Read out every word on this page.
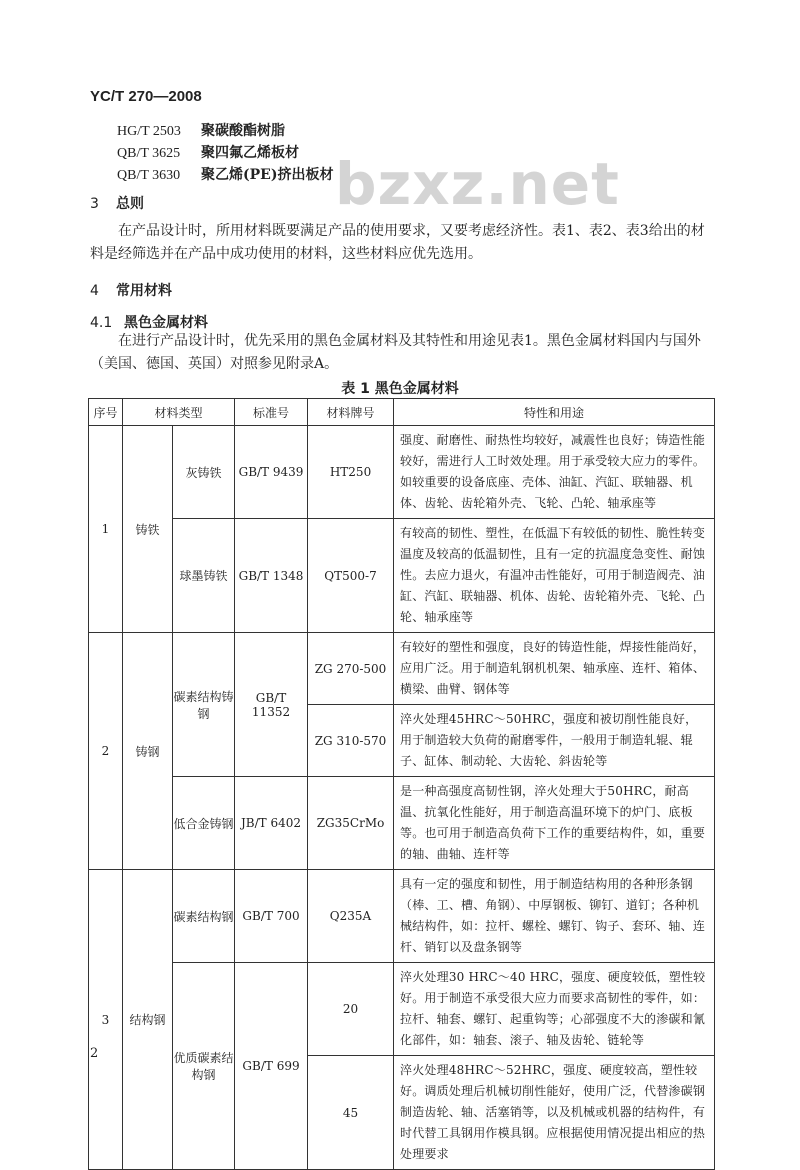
YC/T 270—2008
HG/T 2503 聚碳酸酯树脂
QB/T 3625 聚四氟乙烯板材
QB/T 3630 聚乙烯(PE)挤出板材 bzxz.net
3 总则
在产品设计时，所用材料既要满足产品的使用要求，又要考虑经济性。表1、表2、表3给出的材料是经筛选并在产品中成功使用的材料，这些材料应优先选用。
4 常用材料
4.1 黑色金属材料
在进行产品设计时，优先采用的黑色金属材料及其特性和用途见表1。黑色金属材料国内与国外（美国、德国、英国）对照参见附录A。
表 1 黑色金属材料
序号	材料类型		标准号	材料牌号	特性和用途
1	铸铁	灰铸铁	GB/T 9439	HT250	强度、耐磨性、耐热性均较好，减震性也良好；铸造性能较好，需进行人工时效处理。用于承受较大应力的零件。如较重要的设备底座、壳体、油缸、汽缸、联轴器、机体、齿轮、齿轮箱外壳、飞轮、凸轮、轴承座等
		球墨铸铁	GB/T 1348	QT500-7	有较高的韧性、塑性，在低温下有较低的韧性、脆性转变温度及较高的低温韧性，且有一定的抗温度急变性、耐蚀性。去应力退火，有温冲击性能好，可用于制造阀壳、油缸、汽缸、联轴器、机体、齿轮、齿轮箱外壳、飞轮、凸轮、轴承座等
2	铸钢	碳素结构铸钢	GB/T 11352	ZG 270-500	有较好的塑性和强度，良好的铸造性能，焊接性能尚好，应用广泛。用于制造轧钢机机架、轴承座、连杆、箱体、横梁、曲臂、钢体等
				ZG 310-570	淬火处理45HRC～50HRC，强度和被切削性能良好，用于制造较大负荷的耐磨零件，一般用于制造轧辊、辊子、缸体、制动轮、大齿轮、斜齿轮等
		低合金铸钢	JB/T 6402	ZG35CrMo	是一种高强度高韧性钢，淬火处理大于50HRC，耐高温、抗氧化性能好，用于制造高温环境下的炉门、底板等。也可用于制造高负荷下工作的重要结构件，如，重要的轴、曲轴、连杆等
3	结构钢	碳素结构钢	GB/T 700	Q235A	具有一定的强度和韧性，用于制造结构用的各种形条钢（棒、工、槽、角钢）、中厚钢板、铆钉、道钉；各种机械结构件，如：拉杆、螺栓、螺钉、钩子、套环、轴、连杆、销钉以及盘条钢等
		优质碳素结构钢	GB/T 699	20	淬火处理30 HRC～40 HRC，强度、硬度较低，塑性较好。用于制造不承受很大应力而要求高韧性的零件，如：拉杆、轴套、螺钉、起重钩等；心部强度不大的渗碳和氰化部件，如：轴套、滚子、轴及齿轮、链轮等
				45	淬火处理48HRC～52HRC，强度、硬度较高，塑性较好。调质处理后机械切削性能好，使用广泛，代替渗碳钢制造齿轮、轴、活塞销等，以及机械或机器的结构件，有时代替工具钢用作模具钢。应根据使用情况提出相应的热处理要求
2
